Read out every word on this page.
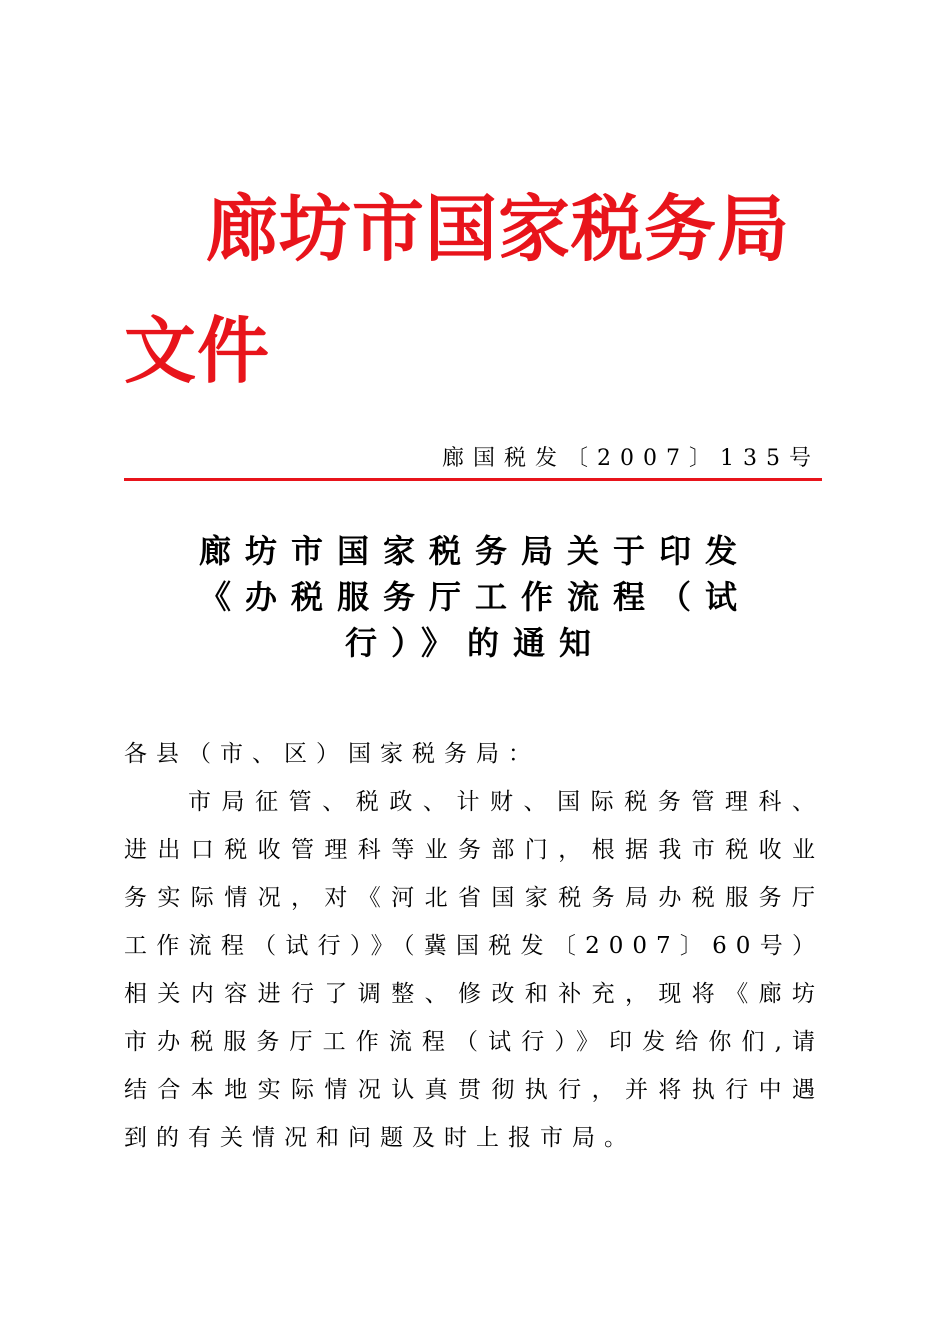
廊坊市国家税务局文件
廊国税发〔2007〕135号
廊坊市国家税务局关于印发
《办税服务厅工作流程（试
行）》的通知

各县（市、区）国家税务局：

市局征管、税政、计财、国际税务管理科、进出口税收管理科等业务部门，根据我市税收业务实际情况，对《河北省国家税务局办税服务厅工作流程（试行）》（冀国税发〔2007〕60号）相关内容进行了调整、修改和补充，现将《廊坊市办税服务厅工作流程（试行）》印发给你们,请结合本地实际情况认真贯彻执行，并将执行中遇到的有关情况和问题及时上报市局。
